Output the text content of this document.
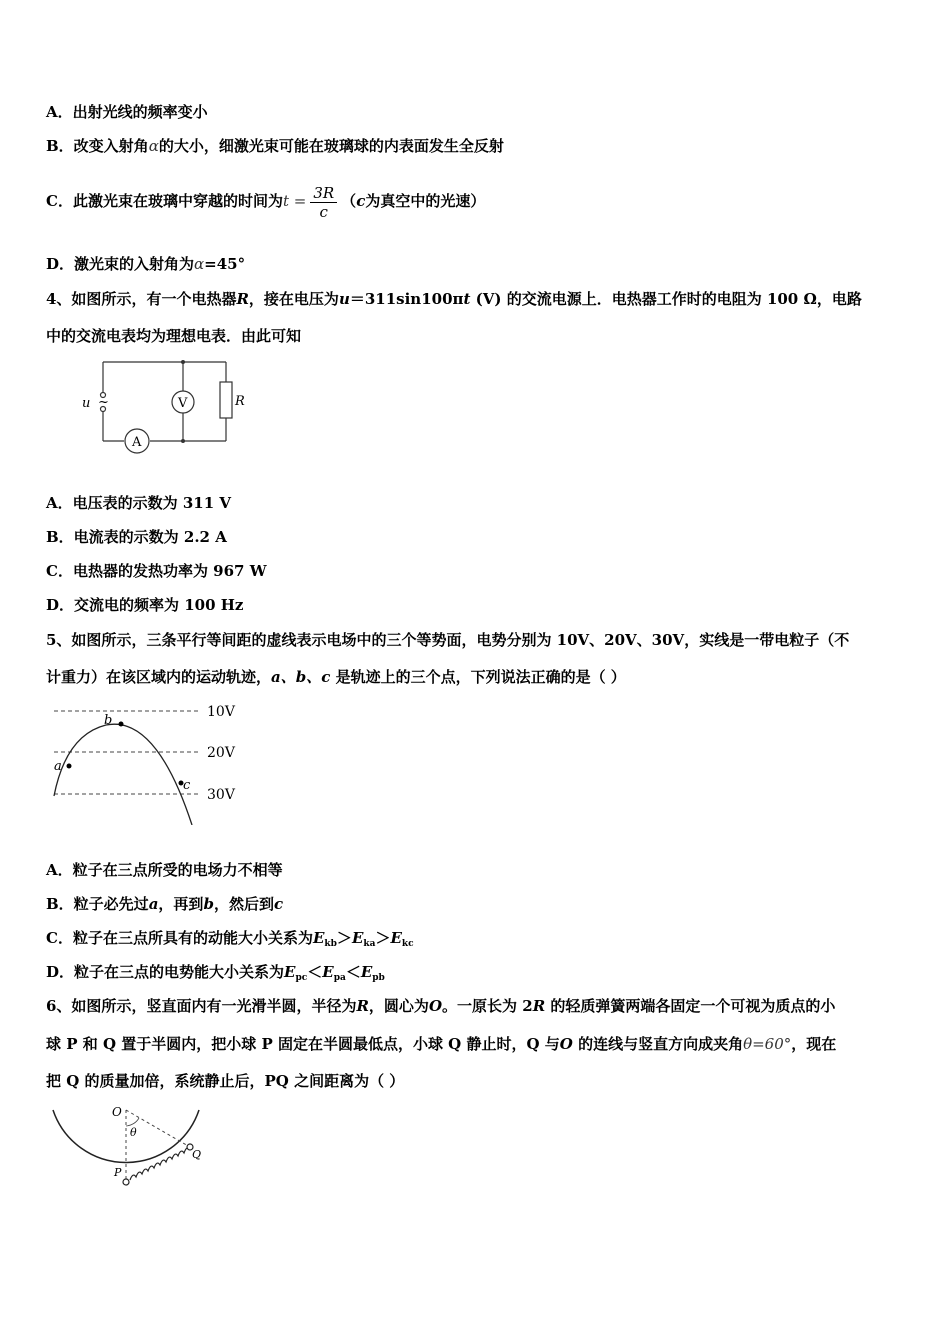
A．出射光线的频率变小
B．改变入射角α的大小，细激光束可能在玻璃球的内表面发生全反射
C．此激光束在玻璃中穿越的时间为$t = \frac{3R}{c} (c$为真空中的光速）
D．激光束的入射角为α=45°
4、如图所示，有一个电热器R，接在电压为u＝311sin100πt (V) 的交流电源上．电热器工作时的电阻为 100 Ω，电路
中的交流电表均为理想电表．由此可知
u ~	V
A
R
A．电压表的示数为 311 V
B．电流表的示数为 2.2 A
C．电热器的发热功率为 967 W
D．交流电的频率为 100 Hz
5、如图所示，三条平行等间距的虚线表示电场中的三个等势面，电势分别为 10V、20V、30V，实线是一带电粒子（不
计重力）在该区域内的运动轨迹，a、b、c 是轨迹上的三个点，下列说法正确的是（ ）
a
b
c
10V
20V
30V
A．粒子在三点所受的电场力不相等
B．粒子必先过a，再到b，然后到c
C．粒子在三点所具有的动能大小关系为$E_{kb}>E_{ka}>E_{kc}$
D．粒子在三点的电势能大小关系为$E_{pc}<E_{pa}<E_{pb}$
6、如图所示，竖直面内有一光滑半圆，半径为R，圆心为O。一原长为 2R 的轻质弹簧两端各固定一个可视为质点的小
球 P 和 Q 置于半圆内，把小球 P 固定在半圆最低点，小球 Q 静止时，Q 与O 的连线与竖直方向成夹角θ=60°，现在
把 Q 的质量加倍，系统静止后，PQ 之间距离为（ ）
O
θ
Q
P
